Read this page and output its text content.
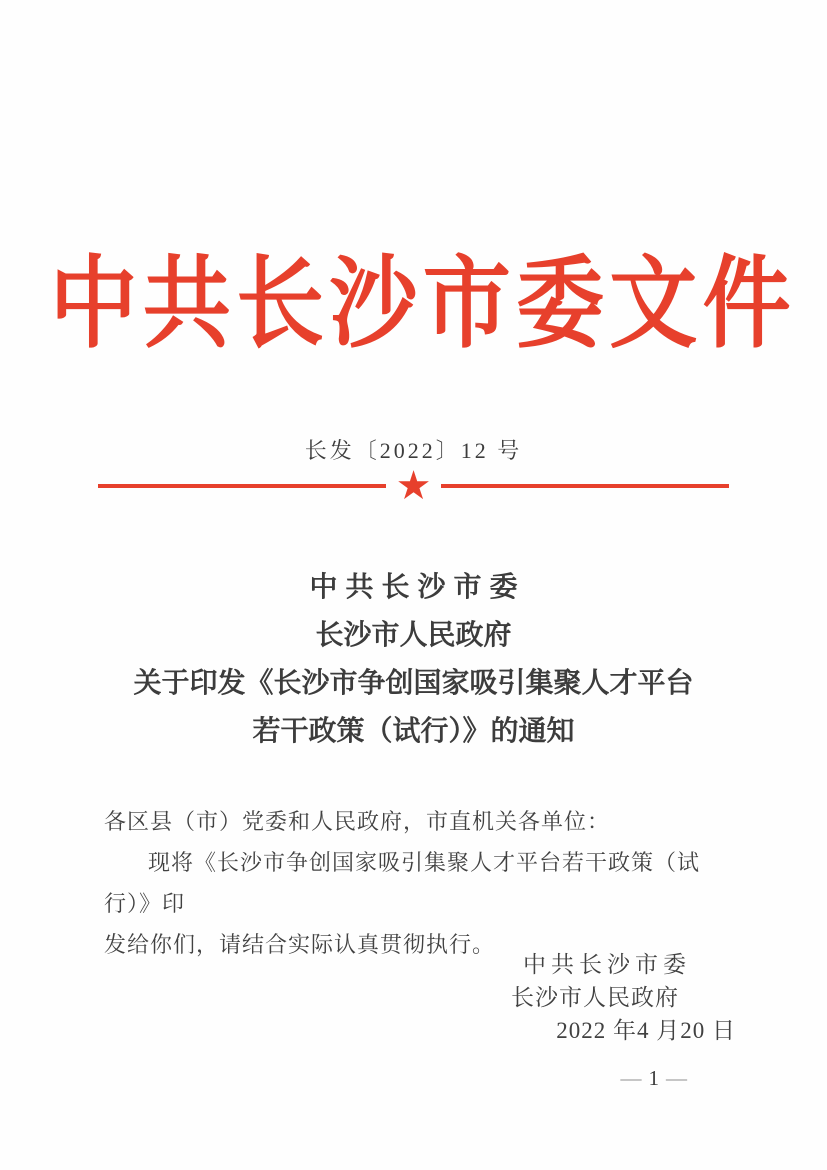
中共长沙市委文件
长发〔2022〕12 号
★
中共长沙市委
长沙市人民政府
关于印发《长沙市争创国家吸引集聚人才平台
若干政策（试行）》的通知
各区县（市）党委和人民政府，市直机关各单位：
现将《长沙市争创国家吸引集聚人才平台若干政策（试行）》印
发给你们，请结合实际认真贯彻执行。
中共长沙市委
长沙市人民政府
2022 年4 月20 日
— 1 —
